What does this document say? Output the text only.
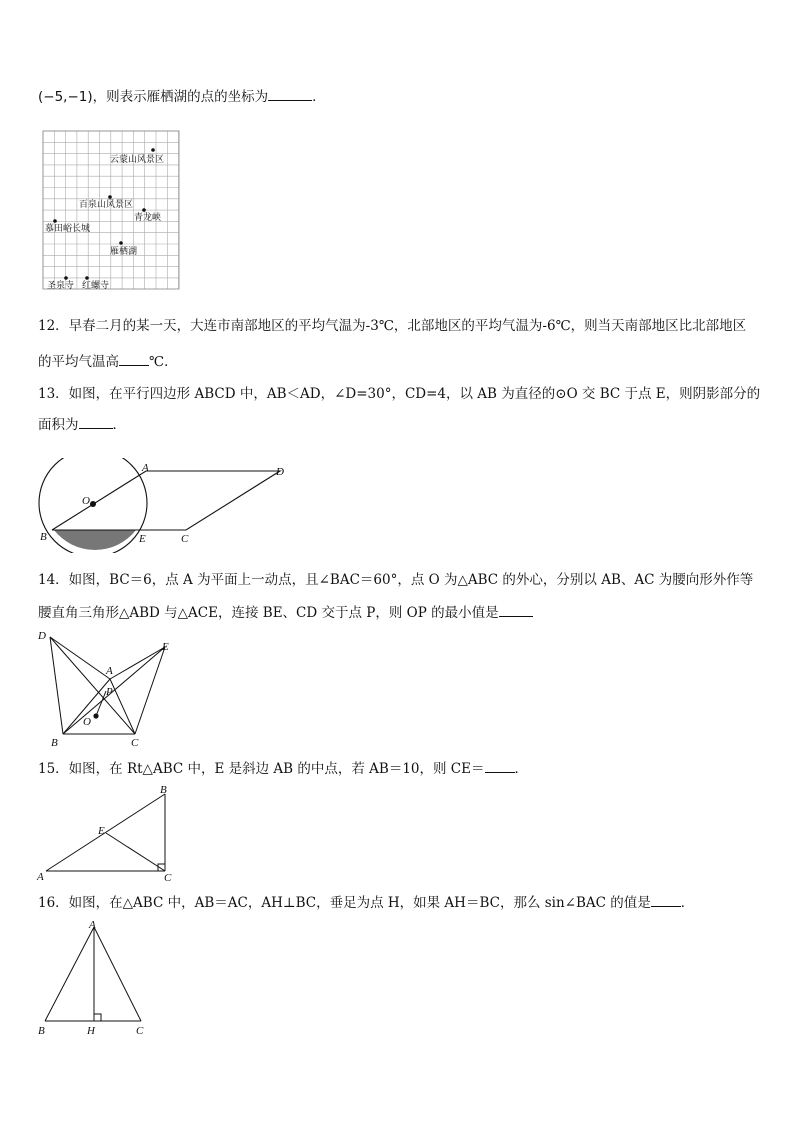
(−5,−1)，则表示雁栖湖的点的坐标为	．
云蒙山风景区
百泉山风景区
青龙峡
慕田峪长城
雁栖湖
圣泉寺 红螺寺
12．早春二月的某一天，大连市南部地区的平均气温为-3℃，北部地区的平均气温为-6℃，则当天南部地区比北部地区
的平均气温高 ℃．
13．如图，在平行四边形 ABCD 中，AB＜AD，∠D=30°，CD=4，以 AB 为直径的⊙O 交 BC 于点 E，则阴影部分的
面积为	．
A	D
O
B	E	C
14．如图，BC＝6，点 A 为平面上一动点，且∠BAC＝60°，点 O 为△ABC 的外心，分别以 AB、AC 为腰向形外作等
腰直角三角形△ABD 与△ACE，连接 BE、CD 交于点 P，则 OP 的最小值是
D
E
A
P
O
B	C
15．如图，在 Rt△ABC 中，E 是斜边 AB 的中点，若 AB＝10，则 CE＝ ．
B
E
A	C
16．如图，在△ABC 中，AB＝AC，AH⊥BC，垂足为点 H，如果 AH＝BC，那么 sin∠BAC 的值是 ．
A
B	H	C
